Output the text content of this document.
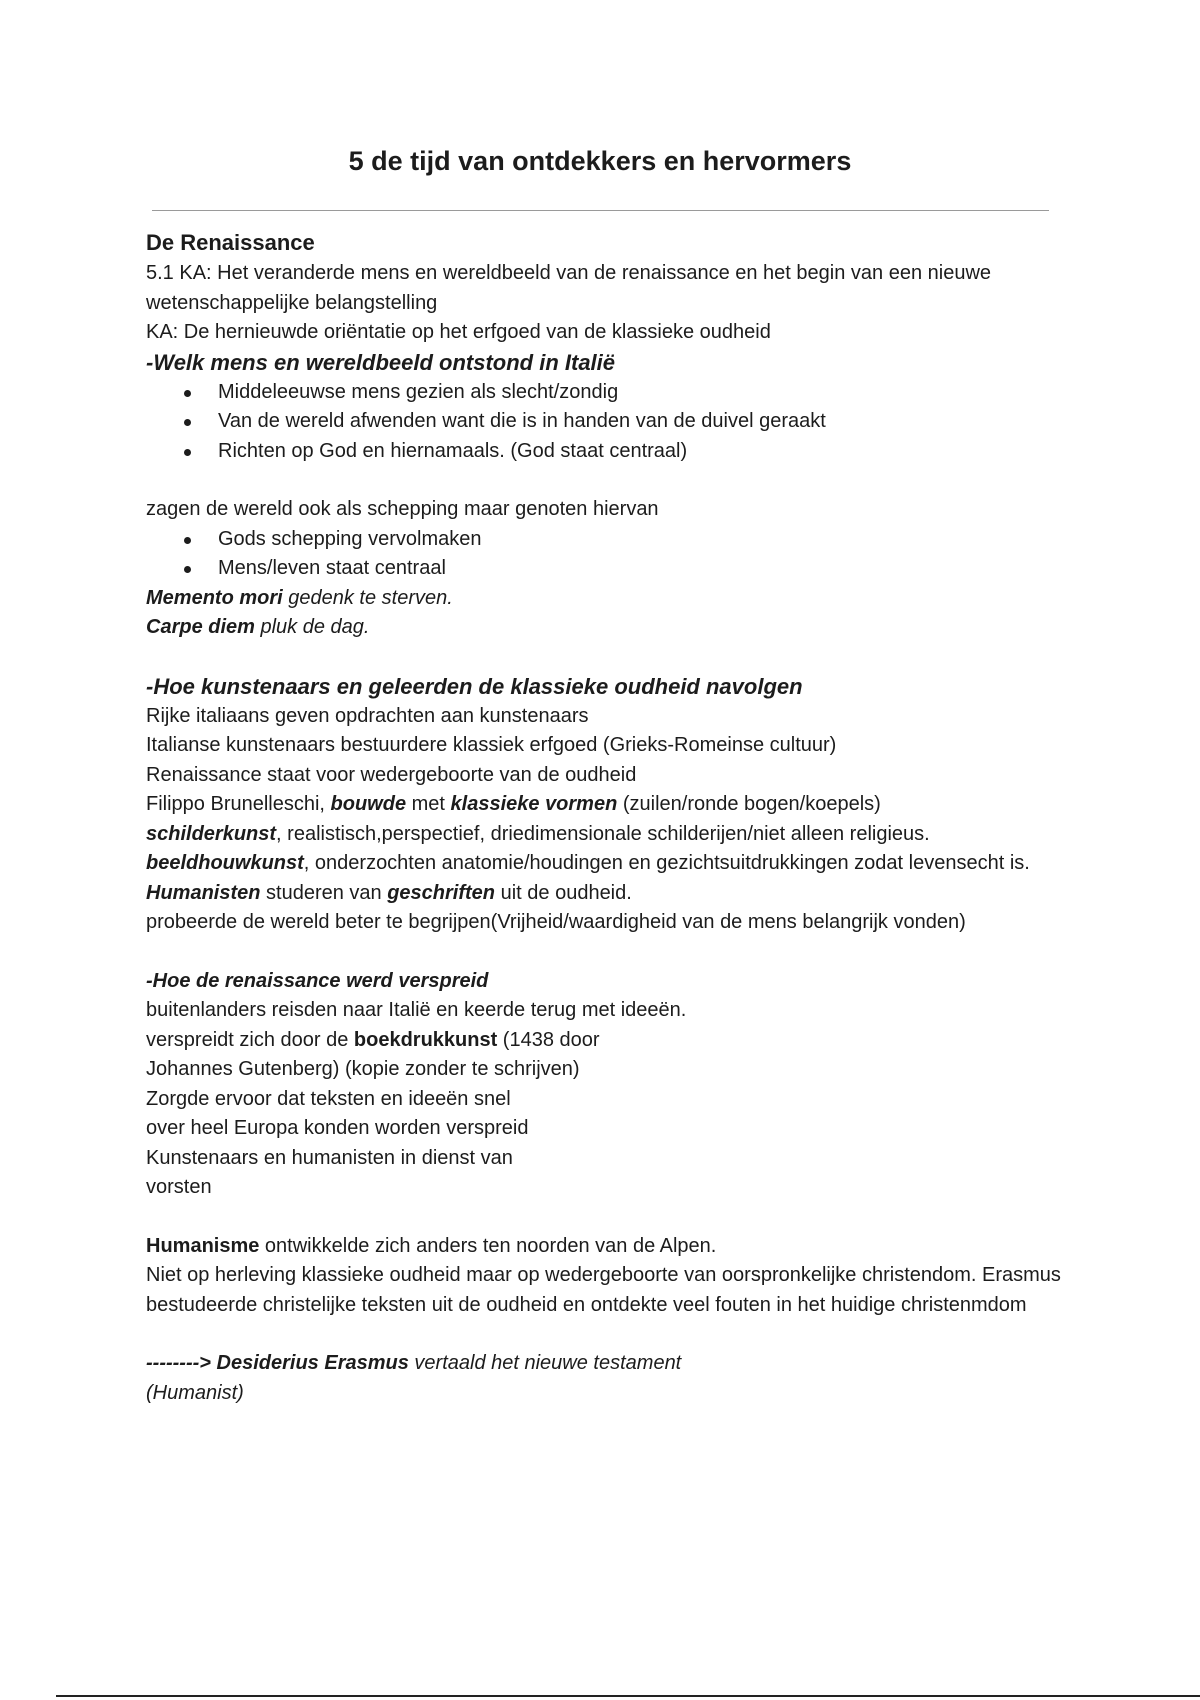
5 de tijd van ontdekkers en hervormers
De Renaissance

5.1 KA: Het veranderde mens en wereldbeeld van de renaissance en het begin van een nieuwe wetenschappelijke belangstelling

KA: De hernieuwde oriëntatie op het erfgoed van de klassieke oudheid

-Welk mens en wereldbeeld ontstond in Italië
Middeleeuwse mens gezien als slecht/zondig
Van de wereld afwenden want die is in handen van de duivel geraakt
Richten op God en hiernamaals. (God staat centraal)

zagen de wereld ook als schepping maar genoten hiervan

Gods schepping vervolmaken
Mens/leven staat centraal

Memento mori gedenk te sterven.

Carpe diem pluk de dag.

-Hoe kunstenaars en geleerden de klassieke oudheid navolgen

Rijke italiaans geven opdrachten aan kunstenaars

Italianse kunstenaars bestuurdere klassiek erfgoed (Grieks-Romeinse cultuur)

Renaissance staat voor wedergeboorte van de oudheid

Filippo Brunelleschi, bouwde met klassieke vormen (zuilen/ronde bogen/koepels)

schilderkunst, realistisch,perspectief, driedimensionale schilderijen/niet alleen religieus.

beeldhouwkunst, onderzochten anatomie/houdingen en gezichtsuitdrukkingen zodat levensecht is.

Humanisten studeren van geschriften uit de oudheid.

probeerde de wereld beter te begrijpen(Vrijheid/waardigheid van de mens belangrijk vonden)

-Hoe de renaissance werd verspreid

buitenlanders reisden naar Italië en keerde terug met ideeën.

verspreidt zich door de boekdrukkunst (1438 door

Johannes Gutenberg) (kopie zonder te schrijven)

Zorgde ervoor dat teksten en ideeën snel

over heel Europa konden worden verspreid

Kunstenaars en humanisten in dienst van

vorsten

Humanisme ontwikkelde zich anders ten noorden van de Alpen.

Niet op herleving klassieke oudheid maar op wedergeboorte van oorspronkelijke christendom. Erasmus bestudeerde christelijke teksten uit de oudheid en ontdekte veel fouten in het huidige christenmdom

--------> Desiderius Erasmus vertaald het nieuwe testament

(Humanist)
